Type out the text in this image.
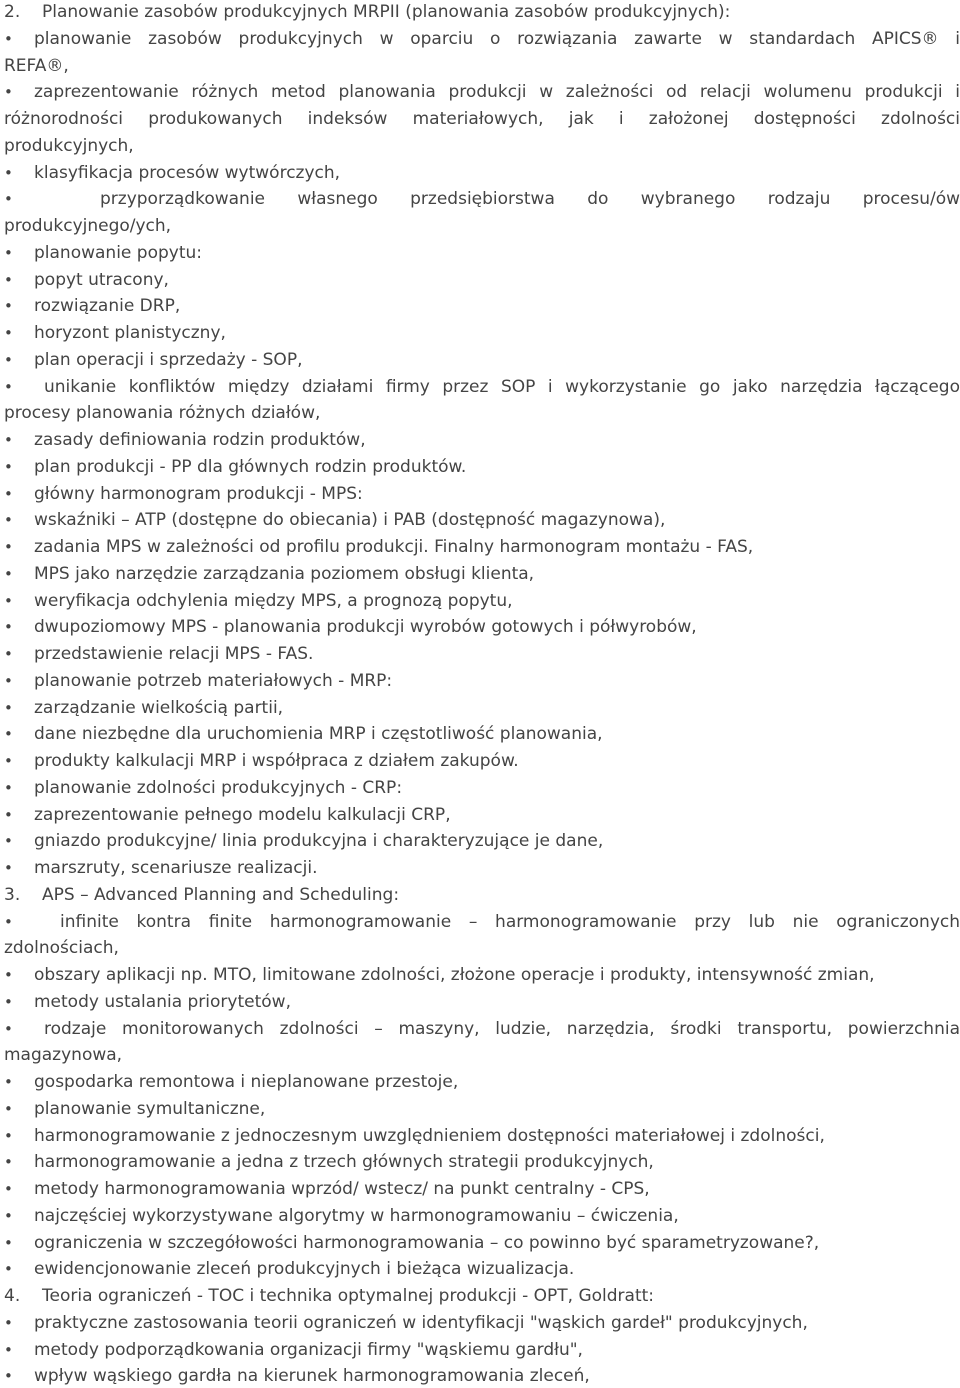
2. Planowanie zasobów produkcyjnych MRPII (planowania zasobów produkcyjnych):
• planowanie zasobów produkcyjnych w oparciu o rozwiązania zawarte w standardach APICS® i
REFA®,
• zaprezentowanie różnych metod planowania produkcji w zależności od relacji wolumenu produkcji i
różnorodności produkowanych indeksów materiałowych, jak i założonej dostępności zdolności
produkcyjnych,
• klasyfikacja procesów wytwórczych,
•	przyporządkowanie własnego przedsiębiorstwa do wybranego rodzaju procesu/ów
produkcyjnego/ych,
• planowanie popytu:
• popyt utracony,
• rozwiązanie DRP,
• horyzont planistyczny,
• plan operacji i sprzedaży - SOP,
• unikanie konfliktów między działami firmy przez SOP i wykorzystanie go jako narzędzia łączącego
procesy planowania różnych działów,
• zasady definiowania rodzin produktów,
• plan produkcji - PP dla głównych rodzin produktów.
• główny harmonogram produkcji - MPS:
• wskaźniki – ATP (dostępne do obiecania) i PAB (dostępność magazynowa),
• zadania MPS w zależności od profilu produkcji. Finalny harmonogram montażu - FAS,
• MPS jako narzędzie zarządzania poziomem obsługi klienta,
• weryfikacja odchylenia między MPS, a prognozą popytu,
• dwupoziomowy MPS - planowania produkcji wyrobów gotowych i półwyrobów,
• przedstawienie relacji MPS - FAS.
• planowanie potrzeb materiałowych - MRP:
• zarządzanie wielkością partii,
• dane niezbędne dla uruchomienia MRP i częstotliwość planowania,
• produkty kalkulacji MRP i współpraca z działem zakupów.
• planowanie zdolności produkcyjnych - CRP:
• zaprezentowanie pełnego modelu kalkulacji CRP,
• gniazdo produkcyjne/ linia produkcyjna i charakteryzujące je dane,
• marszruty, scenariusze realizacji.
3. APS – Advanced Planning and Scheduling:
•	infinite kontra finite harmonogramowanie – harmonogramowanie przy lub nie ograniczonych
zdolnościach,
• obszary aplikacji np. MTO, limitowane zdolności, złożone operacje i produkty, intensywność zmian,
• metody ustalania priorytetów,
• rodzaje monitorowanych zdolności – maszyny, ludzie, narzędzia, środki transportu, powierzchnia
magazynowa,
• gospodarka remontowa i nieplanowane przestoje,
• planowanie symultaniczne,
• harmonogramowanie z jednoczesnym uwzględnieniem dostępności materiałowej i zdolności,
• harmonogramowanie a jedna z trzech głównych strategii produkcyjnych,
• metody harmonogramowania wprzód/ wstecz/ na punkt centralny - CPS,
• najczęściej wykorzystywane algorytmy w harmonogramowaniu – ćwiczenia,
• ograniczenia w szczegółowości harmonogramowania – co powinno być sparametryzowane?,
• ewidencjonowanie zleceń produkcyjnych i bieżąca wizualizacja.
4. Teoria ograniczeń - TOC i technika optymalnej produkcji - OPT, Goldratt:
• praktyczne zastosowania teorii ograniczeń w identyfikacji "wąskich gardeł" produkcyjnych,
• metody podporządkowania organizacji firmy "wąskiemu gardłu",
• wpływ wąskiego gardła na kierunek harmonogramowania zleceń,
